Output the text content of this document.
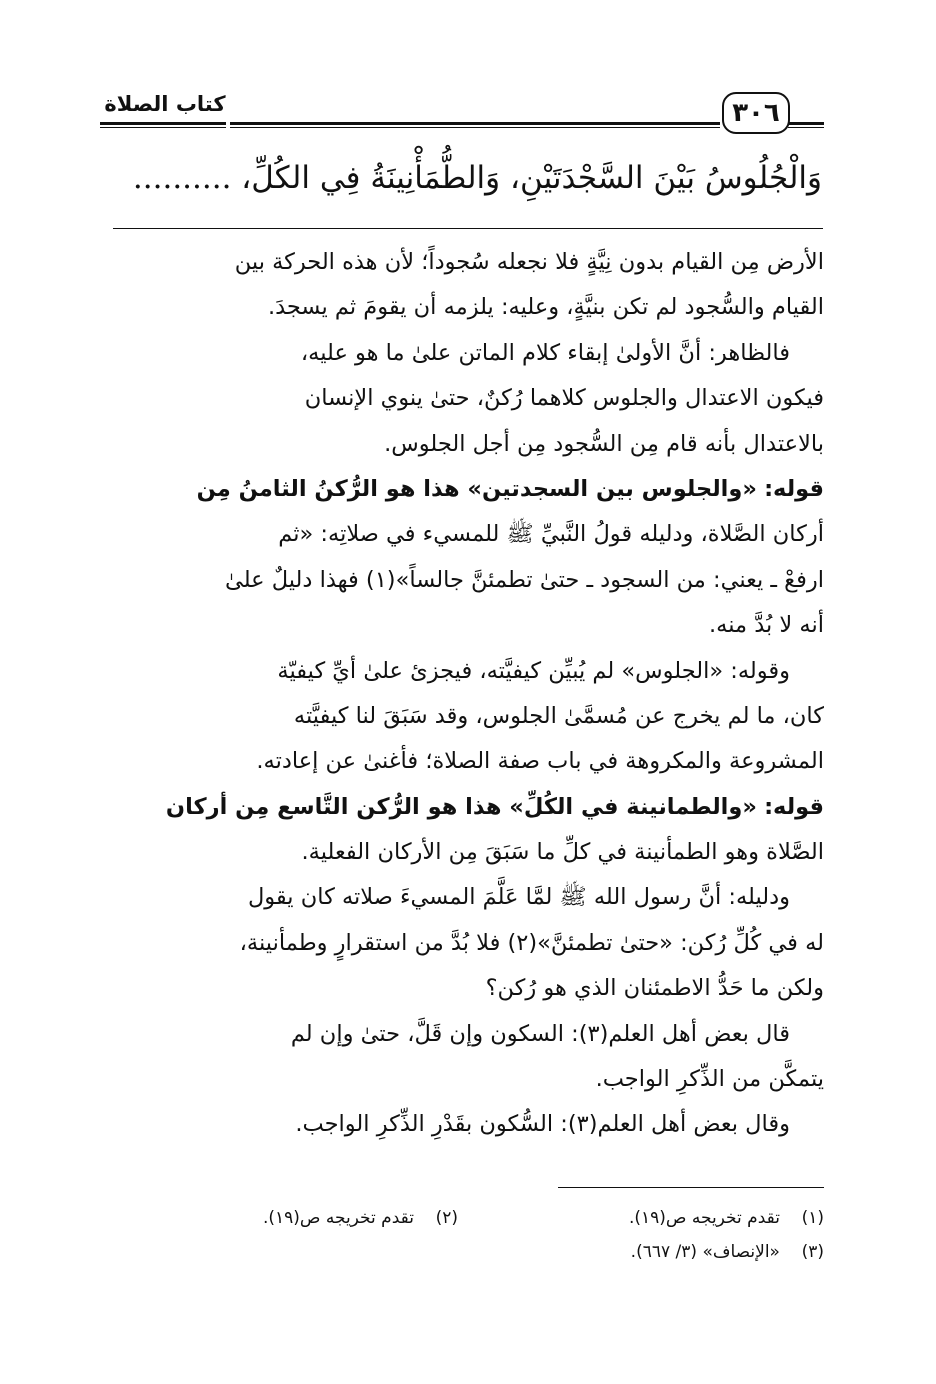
كتاب الصلاة	٣٠٦
وَالْجُلُوسُ بَيْنَ السَّجْدَتَيْنِ، وَالطُّمَأْنِينَةُ فِي الكُلِّ، ..........
الأرض مِن القيام بدون نِيَّةٍ فلا نجعله سُجوداً؛ لأن هذه الحركة بين
القيام والسُّجود لم تكن بنيَّةٍ، وعليه: يلزمه أن يقومَ ثم يسجدَ.
فالظاهر: أنَّ الأولىٰ إبقاء كلام الماتن علىٰ ما هو عليه،
فيكون الاعتدال والجلوس كلاهما رُكنٌ، حتىٰ ينوي الإنسان
بالاعتدال بأنه قام مِن السُّجود مِن أجل الجلوس.
قوله: «والجلوس بين السجدتين» هذا هو الرُّكنُ الثامنُ مِن
أركان الصَّلاة، ودليله قولُ النَّبيِّ ﷺ للمسيء في صلاتِه: «ثم
ارفعْ ـ يعني: من السجود ـ حتىٰ تطمئنَّ جالساً»(١) فهذا دليلٌ علىٰ
أنه لا بُدَّ منه.
وقوله: «الجلوس» لم يُبيِّن كيفيَّته، فيجزئ علىٰ أيِّ كيفيّة
كان، ما لم يخرج عن مُسمَّىٰ الجلوس، وقد سَبَقَ لنا كيفيَّته
المشروعة والمكروهة في باب صفة الصلاة؛ فأغنىٰ عن إعادته.
قوله: «والطمانينة في الكُلِّ» هذا هو الرُّكن التَّاسع مِن أركان
الصَّلاة وهو الطمأنينة في كلِّ ما سَبَقَ مِن الأركان الفعلية.
ودليله: أنَّ رسول الله ﷺ لمَّا عَلَّمَ المسيءَ صلاته كان يقول
له في كُلِّ رُكن: «حتىٰ تطمئنَّ»(٢) فلا بُدَّ من استقرارٍ وطمأنينة،
ولكن ما حَدُّ الاطمئنان الذي هو رُكن؟
قال بعض أهل العلم(٣): السكون وإن قَلَّ، حتىٰ وإن لم
يتمكَّن من الذِّكرِ الواجب.
وقال بعض أهل العلم(٣): السُّكون بقَدْرِ الذِّكرِ الواجب.
(١)    تقدم تخريجه ص(١٩).
(٢)    تقدم تخريجه ص(١٩).
(٣)    «الإنصاف» (٣/ ٦٦٧).
